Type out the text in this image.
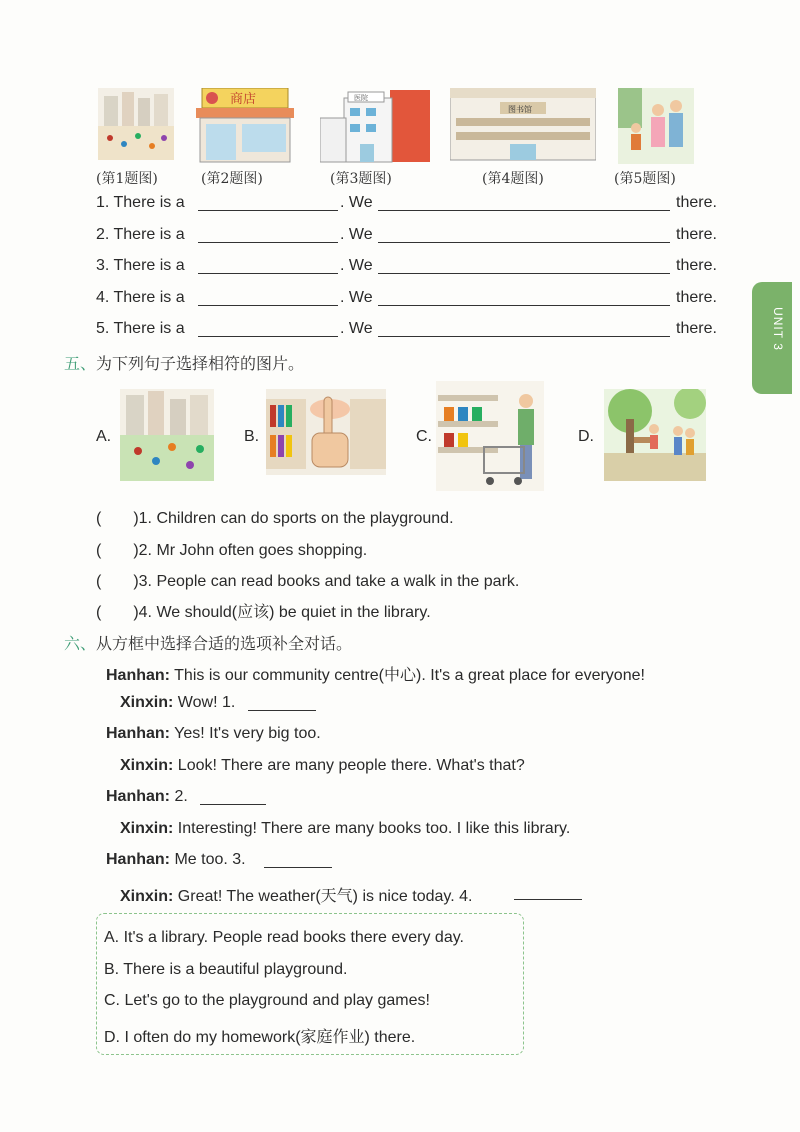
UNIT 3
商店	医院
图书馆
(第1题图)	(第2题图)	(第3题图)	(第4题图)	(第5题图)
1. There is a	. We	there.
2. There is a	. We	there.
3. There is a	. We	there.
4. There is a	. We	there.
5. There is a	. We	there.
五、为下列句子选择相符的图片。
A.	B.	C.	D.
(　　)1. Children can do sports on the playground.
(　　)2. Mr John often goes shopping.
(　　)3. People can read books and take a walk in the park.
(　　)4. We should(应该) be quiet in the library.
六、从方框中选择合适的选项补全对话。
Hanhan: This is our community centre(中心). It's a great place for everyone!
Xinxin: Wow! 1.
Hanhan: Yes! It's very big too.
Xinxin: Look! There are many people there. What's that?
Hanhan: 2.
Xinxin: Interesting! There are many books too. I like this library.
Hanhan: Me too. 3.
Xinxin: Great! The weather(天气) is nice today. 4.
A. It's a library. People read books there every day.
B. There is a beautiful playground.
C. Let's go to the playground and play games!
D. I often do my homework(家庭作业) there.
